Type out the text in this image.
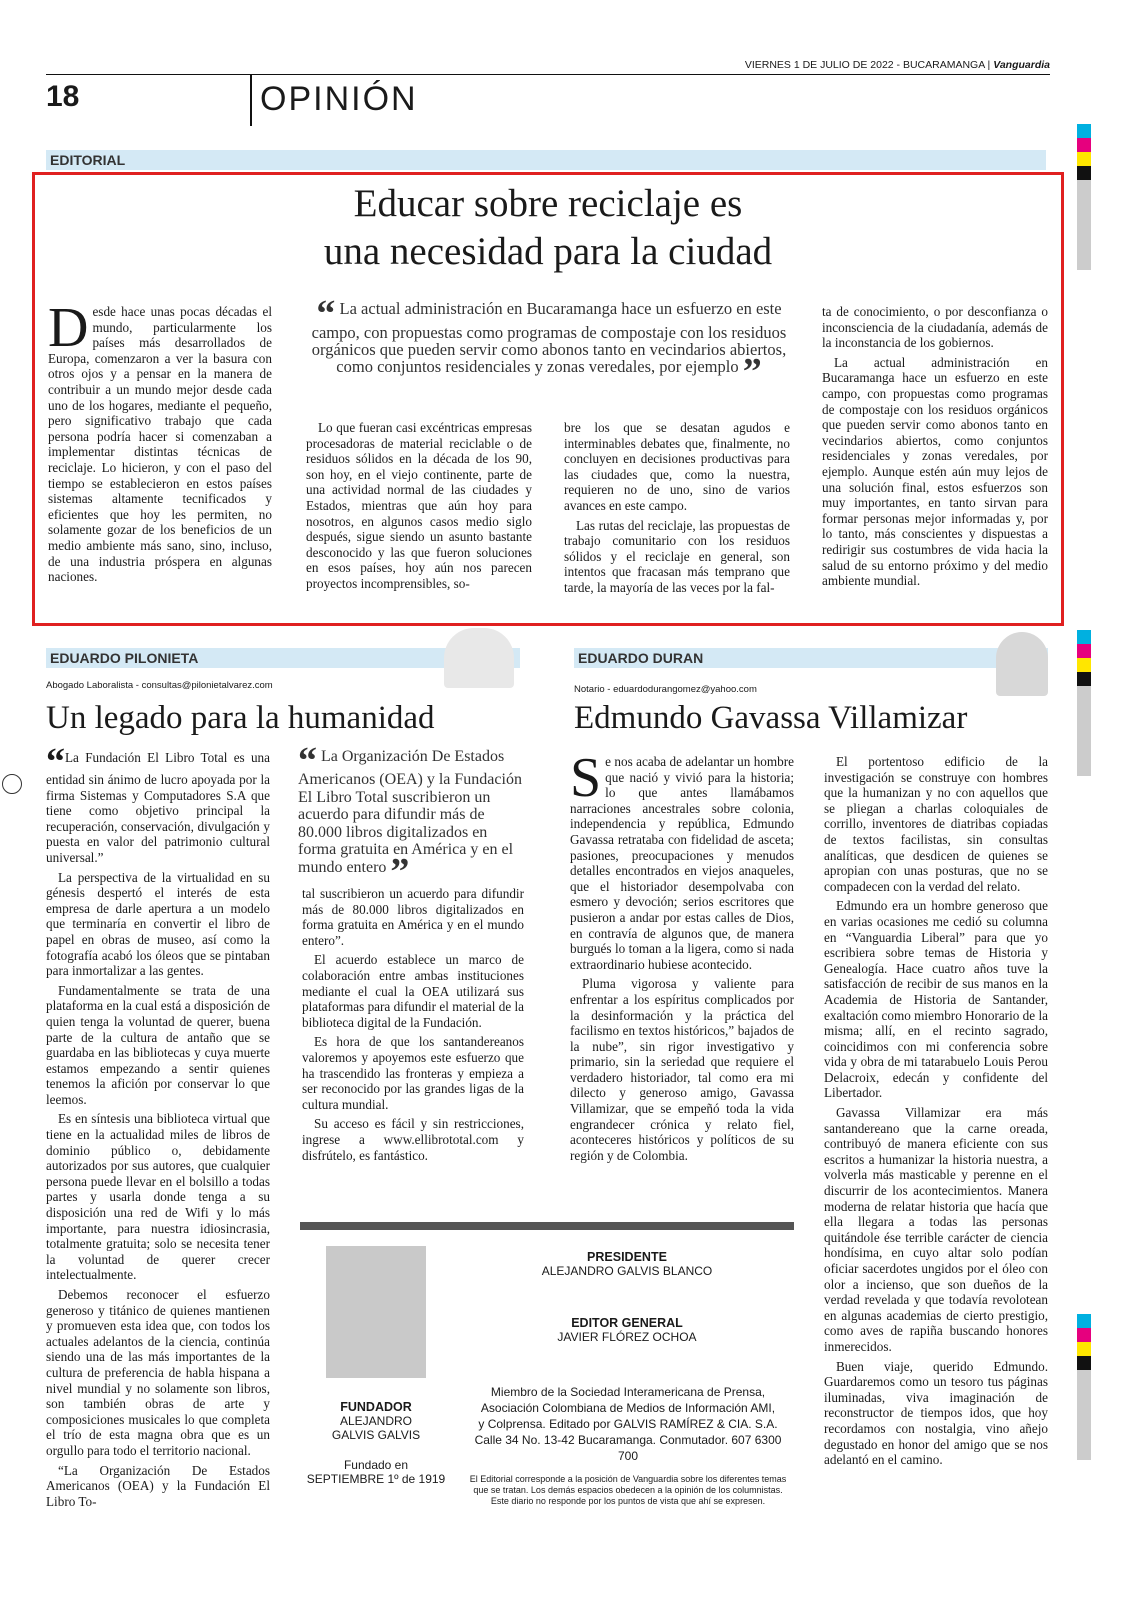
VIERNES 1 DE JULIO DE 2022 - BUCARAMANGA | Vanguardia
18	OPINIÓN
EDITORIAL
Educar sobre reciclaje es
una necesidad para la ciudad

Desde hace unas pocas décadas el mundo, particularmente los países más desarrollados de Europa, comenzaron a ver la basura con otros ojos y a pensar en la manera de contribuir a un mundo mejor desde cada uno de los hogares, mediante el pequeño, pero significativo trabajo que cada persona podría hacer si comenzaban a implementar distintas técnicas de reciclaje. Lo hicieron, y con el paso del tiempo se establecieron en estos países sistemas altamente tecnificados y eficientes que hoy les permiten, no solamente gozar de los beneficios de un medio ambiente más sano, sino, incluso, de una industria próspera en algunas naciones.

“ La actual administración en Bucaramanga hace un esfuerzo en este campo, con propuestas como programas de compostaje con los residuos orgánicos que pueden servir como abonos tanto en vecindarios abiertos, como conjuntos residenciales y zonas veredales, por ejemplo ”

Lo que fueran casi excéntricas empresas procesadoras de material reciclable o de residuos sólidos en la década de los 90, son hoy, en el viejo continente, parte de una actividad normal de las ciudades y Estados, mientras que aún hoy para nosotros, en algunos casos medio siglo después, sigue siendo un asunto bastante desconocido y las que fueron soluciones en esos países, hoy aún nos parecen proyectos incomprensibles, so-

bre los que se desatan agudos e interminables debates que, finalmente, no concluyen en decisiones productivas para las ciudades que, como la nuestra, requieren no de uno, sino de varios avances en este campo.

Las rutas del reciclaje, las propuestas de trabajo comunitario con los residuos sólidos y el reciclaje en general, son intentos que fracasan más temprano que tarde, la mayoría de las veces por la fal-

ta de conocimiento, o por desconfianza o inconsciencia de la ciudadanía, además de la inconstancia de los gobiernos.

La actual administración en Bucaramanga hace un esfuerzo en este campo, con propuestas como programas de compostaje con los residuos orgánicos que pueden servir como abonos tanto en vecindarios abiertos, como conjuntos residenciales y zonas veredales, por ejemplo. Aunque estén aún muy lejos de una solución final, estos esfuerzos son muy importantes, en tanto sirvan para formar personas mejor informadas y, por lo tanto, más conscientes y dispuestas a redirigir sus costumbres de vida hacia la salud de su entorno próximo y del medio ambiente mundial.

EDUARDO PILONIETA
Abogado Laboralista - consultas@pilonietalvarez.com
Un legado para la humanidad

“La Fundación El Libro Total es una entidad sin ánimo de lucro apoyada por la firma Sistemas y Computadores S.A que tiene como objetivo principal la recuperación, conservación, divulgación y puesta en valor del patrimonio cultural universal.”

La perspectiva de la virtualidad en su génesis despertó el interés de esta empresa de darle apertura a un modelo que terminaría en convertir el libro de papel en obras de museo, así como la fotografía acabó los óleos que se pintaban para inmortalizar a las gentes.

Fundamentalmente se trata de una plataforma en la cual está a disposición de quien tenga la voluntad de querer, buena parte de la cultura de antaño que se guardaba en las bibliotecas y cuya muerte estamos empezando a sentir quienes tenemos la afición por conservar lo que leemos.

Es en síntesis una biblioteca virtual que tiene en la actualidad miles de libros de dominio público o, debidamente autorizados por sus autores, que cualquier persona puede llevar en el bolsillo a todas partes y usarla donde tenga a su disposición una red de Wifi y lo más importante, para nuestra idiosincrasia, totalmente gratuita; solo se necesita tener la voluntad de querer crecer intelectualmente.

Debemos reconocer el esfuerzo generoso y titánico de quienes mantienen y promueven esta idea que, con todos los actuales adelantos de la ciencia, continúa siendo una de las más importantes de la cultura de preferencia de habla hispana a nivel mundial y no solamente son libros, son también obras de arte y composiciones musicales lo que completa el trío de esta magna obra que es un orgullo para todo el territorio nacional.

“La Organización De Estados Americanos (OEA) y la Fundación El Libro To-

“ La Organización De Estados Americanos (OEA) y la Fundación El Libro Total suscribieron un acuerdo para difundir más de 80.000 libros digitalizados en forma gratuita en América y en el mundo entero ”

tal suscribieron un acuerdo para difundir más de 80.000 libros digitalizados en forma gratuita en América y en el mundo entero”.

El acuerdo establece un marco de colaboración entre ambas instituciones mediante el cual la OEA utilizará sus plataformas para difundir el material de la biblioteca digital de la Fundación.

Es hora de que los santandereanos valoremos y apoyemos este esfuerzo que ha trascendido las fronteras y empieza a ser reconocido por las grandes ligas de la cultura mundial.

Su acceso es fácil y sin restricciones, ingrese a www.ellibrototal.com y disfrútelo, es fantástico.

EDUARDO DURAN
Notario - eduardodurangomez@yahoo.com
Edmundo Gavassa Villamizar

Se nos acaba de adelantar un hombre que nació y vivió para la historia; lo que antes llamábamos narraciones ancestrales sobre colonia, independencia y república, Edmundo Gavassa retrataba con fidelidad de asceta; pasiones, preocupaciones y menudos detalles encontrados en viejos anaqueles, que el historiador desempolvaba con esmero y devoción; serios escritores que pusieron a andar por estas calles de Dios, en contravía de algunos que, de manera burgués lo toman a la ligera, como si nada extraordinario hubiese acontecido.

Pluma vigorosa y valiente para enfrentar a los espíritus complicados por la desinformación y la práctica del facilismo en textos históricos,” bajados de la nube”, sin rigor investigativo y primario, sin la seriedad que requiere el verdadero historiador, tal como era mi dilecto y generoso amigo, Gavassa Villamizar, que se empeñó toda la vida engrandecer crónica y relato fiel, aconteceres históricos y políticos de su región y de Colombia.

El portentoso edificio de la investigación se construye con hombres que la humanizan y no con aquellos que se pliegan a charlas coloquiales de corrillo, inventores de diatribas copiadas de textos facilistas, sin consultas analíticas, que desdicen de quienes se apropian con unas posturas, que no se compadecen con la verdad del relato.

Edmundo era un hombre generoso que en varias ocasiones me cedió su columna en “Vanguardia Liberal” para que yo escribiera sobre temas de Historia y Genealogía. Hace cuatro años tuve la satisfacción de recibir de sus manos en la Academia de Historia de Santander, exaltación como miembro Honorario de la misma; allí, en el recinto sagrado, coincidimos con mi conferencia sobre vida y obra de mi tatarabuelo Louis Perou Delacroix, edecán y confidente del Libertador.

Gavassa Villamizar era más santandereano que la carne oreada, contribuyó de manera eficiente con sus escritos a humanizar la historia nuestra, a volverla más masticable y perenne en el discurrir de los acontecimientos. Manera moderna de relatar historia que hacía que ella llegara a todas las personas quitándole ése terrible carácter de ciencia hondísima, en cuyo altar solo podían oficiar sacerdotes ungidos por el óleo con olor a incienso, que son dueños de la verdad revelada y que todavía revolotean en algunas academias de cierto prestigio, como aves de rapiña buscando honores inmerecidos.

Buen viaje, querido Edmundo. Guardaremos como un tesoro tus páginas iluminadas, viva imaginación de reconstructor de tiempos idos, que hoy recordamos con nostalgia, vino añejo degustado en honor del amigo que se nos adelantó en el camino.

FUNDADOR
ALEJANDRO
GALVIS GALVIS
Fundado en
SEPTIEMBRE 1º de 1919
PRESIDENTE
ALEJANDRO GALVIS BLANCO
EDITOR GENERAL
JAVIER FLÓREZ OCHOA
Miembro de la Sociedad Interamericana de Prensa,
Asociación Colombiana de Medios de Información AMI,
y Colprensa. Editado por GALVIS RAMÍREZ & CIA. S.A.
Calle 34 No. 13-42 Bucaramanga. Conmutador. 607 6300 700
El Editorial corresponde a la posición de Vanguardia sobre los diferentes temas
que se tratan. Los demás espacios obedecen a la opinión de los columnistas.
Este diario no responde por los puntos de vista que ahí se expresen.
